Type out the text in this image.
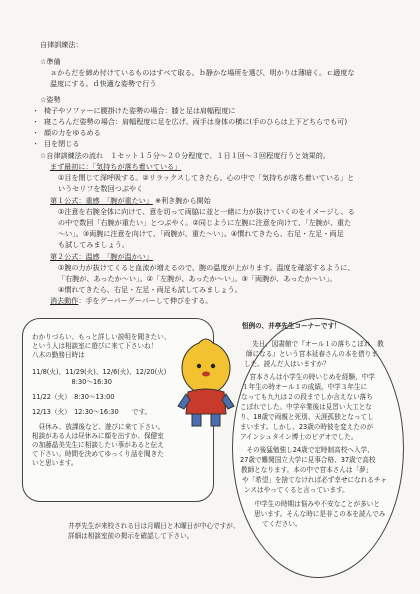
自律訓練法：
☆準備
ａからだを締め付けているものはすべて取る。ｂ静かな場所を選び、明かりは薄暗く。ｃ適度な
温度にする。ｄ快適な姿勢で行う
☆姿勢
・ 椅子やソファーに腰掛けた姿勢の場合：膝と足は肩幅程度に
・ 寝ころんだ姿勢の場合：肩幅程度に足を広げ、両手は身体の横に(手のひらは上下どちらでも可)
・ 顔の力をゆるめる
・ 目を閉じる
☆自律訓練法の流れ　１セット１５分～２０分程度で、１日１回～３回程度行うと効果的。
まず最初に：「気持ちが落ち着いている」
①目を閉じて深呼吸する。②リラックスしてきたら、心の中で「気持ちが落ち着いている」と
いうセリフを数回つぶやく
第１公式：重感　「腕が重たい」 ※利き腕から開始
①注意を右腕全体に向けて、意を切って両脇に並と一緒に力が抜けていくのをイメージし、る
の中で数回「右腕が重たい」とつぶやく。②同じように左腕に注意を向けて、「左腕が、重た
～い」。③両腕に注意を向けて、「両腕が、重た～い」。④慣れてきたら、右足・左足・両足
も試してみましょう。
第２公式：温感　「腕が温かい」
①腕の力が抜けてくると血流が増えるので、腕の温度が上がります。温度を確認するように、
「右腕が、あったか～い」。②「左腕が、あったか～い」。③「両腕が、あったか～い」。
④慣れてきたら、右足・左足・両足も試してみましょう。
消去動作：手をグーパーグーパーして伸びをする。
わかりづらい、もっと詳しい説明を聞きたい、
という人は相談室に遊びに来て下さいね！
八木の勤務日時は
11/8(火)、11/29(火)、12/6(火)、12/20(火)
　　　　　　8:30～16:30
11/22（火）　8:30～13:00
12/13（火）　12:30～16:30　　です。
　昼休み、放課後など、遊びに来て下さい。
相談がある人は昼休みに顔を出すか、保健室
の加藤晶美先生に相談したい事があると伝え
て下さい。時間を決めてゆっくり話を聞きた
いと思います。
井亭先生が来校される日は月曜日と木曜日が中心ですが、
詳細は相談室前の掲示を確認して下さい。
恒例の、井亭先生コーナーです！
先日、図書館で『オール１の落ちこぼれ　教
師になる』という宮本延春さんの本を借りま
した。読んだ人はいますか？
　宮本さんは小学生の時いじめを経験、中学
１年生の時オール１の成績。中学３年生に
なっても九九は２の段までしか言えない落ち
こぼれでした。中学卒業後は見習い大工とな
り、18歳で両親と死別、天涯孤独となってし
まいます。しかし、23歳の時彼を変えたのが
アインシュタイン博士のビデオでした。
　その後猛勉強し24歳で定時制高校へ入学、
27歳で難関国立大学に見事合格、37歳で高校
教師となります。本の中で宮本さんは「夢」
や「希望」を捨てなければ必ず幸せになれるチャ
ンスはやってくると言っています。
　中学生の時期は悩みや不安なことが多いと
思います。そんな時に是非この本を読んでみ
てください。
